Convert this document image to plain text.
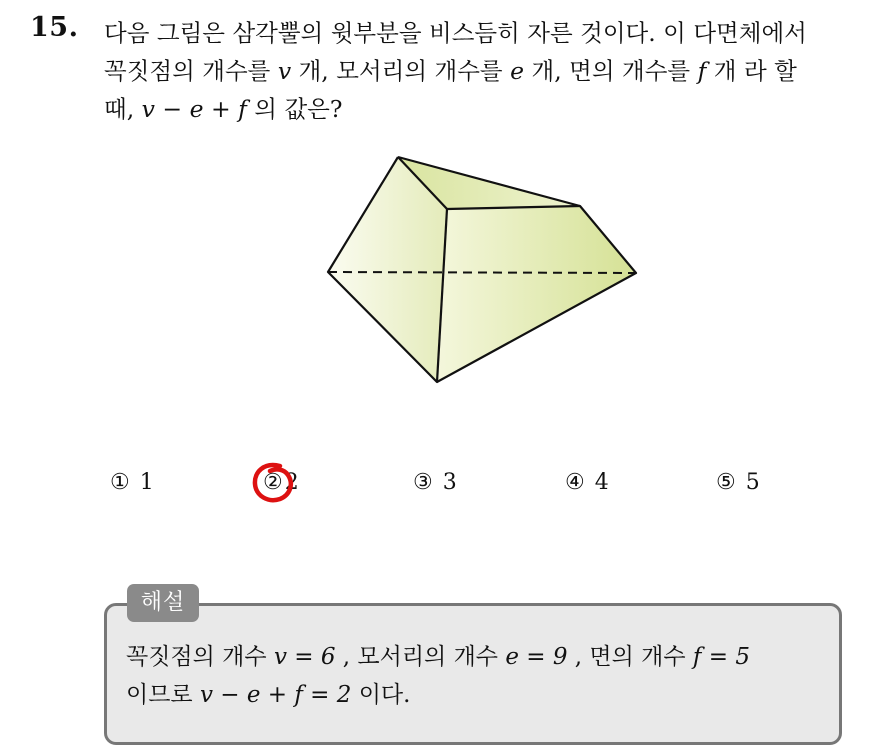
15. 다음 그림은 삼각뿔의 윗부분을 비스듬히 자른 것이다. 이 다면체에서
꼭짓점의 개수를 v 개, 모서리의 개수를 e 개, 면의 개수를 f 개 라 할
때, v − e + f 의 값은?
① 1	②2	③ 3	④ 4	⑤ 5
해설
꼭짓점의 개수 v = 6 , 모서리의 개수 e = 9 , 면의 개수 f = 5
이므로 v − e + f = 2 이다.
